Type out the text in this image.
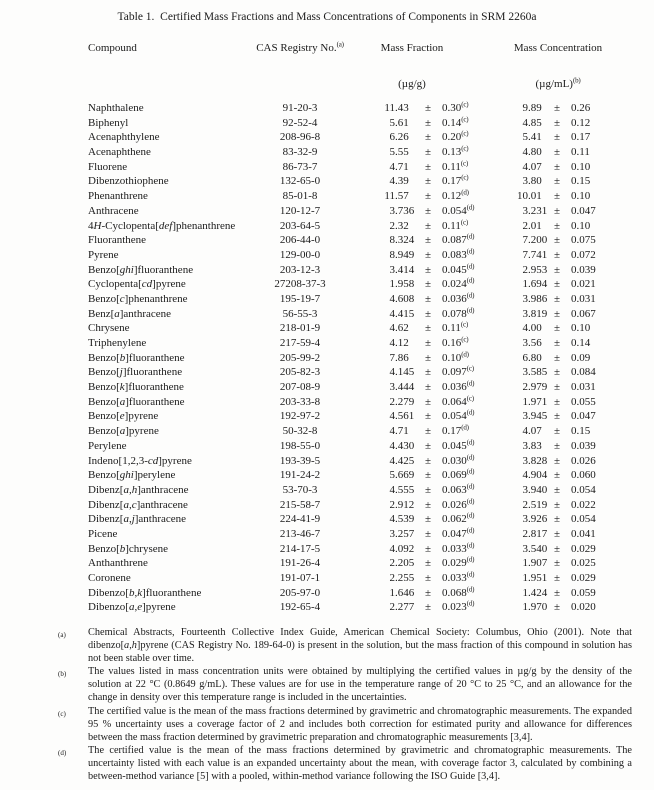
Table 1.  Certified Mass Fractions and Mass Concentrations of Components in SRM 2260a
Compound	CAS Registry No.$^{(a)}$	Mass Fraction	Mass Concentration
(µg/g)	$(\mu g/mL)^{(b)}$
Naphthalene	91-20-3	11.43	± $0.30^{(c)}$	9.89	± 0.26
Biphenyl	92-52-4	5.61	± $0.14^{(c)}$	4.85	± 0.12
Acenaphthylene	208-96-8	6.26	± $0.20^{(c)}$	5.41	± 0.17
Acenaphthene	83-32-9	5.55	± $0.13^{(c)}$	4.80	± 0.11
Fluorene	86-73-7	4.71	± $0.11^{(c)}$	4.07	± 0.10
Dibenzothiophene	132-65-0	4.39	± $0.17^{(c)}$	3.80	± 0.15
Phenanthrene	85-01-8	11.57	± $0.12^{(d)}$	10.01	± 0.10
Anthracene	120-12-7	$3.736 \pm 0.054^{(d)}$	3.231 ± 0.047
4H-Cyclopenta[def]phenanthrene	203-64-5	2.32	± $0.11^{(c)}$	2.01	± 0.10
Fluoranthene	206-44-0	$8.324 \pm 0.087^{(d)}$	7.200 ± 0.075
Pyrene	129-00-0	$8.949 \pm 0.083^{(d)}$	7.741 ± 0.072
Benzo[ghi]fluoranthene	203-12-3	$3.414 \pm 0.045^{(d)}$	2.953 ± 0.039
Cyclopenta[cd]pyrene	27208-37-3	$1.958 \pm 0.024^{(d)}$	1.694 ± 0.021
Benzo[c]phenanthrene	195-19-7	$4.608 \pm 0.036^{(d)}$	3.986 ± 0.031
Benz[a]anthracene	56-55-3	$4.415 \pm 0.078^{(d)}$	3.819 ± 0.067
Chrysene	218-01-9	4.62	± $0.11^{(c)}$	4.00	± 0.10
Triphenylene	217-59-4	4.12	± $0.16^{(c)}$	3.56	± 0.14
Benzo[b]fluoranthene	205-99-2	7.86	± $0.10^{(d)}$	6.80	± 0.09
Benzo[j]fluoranthene	205-82-3	$4.145 \pm 0.097^{(c)}$	3.585 ± 0.084
Benzo[k]fluoranthene	207-08-9	$3.444 \pm 0.036^{(d)}$	2.979 ± 0.031
Benzo[a]fluoranthene	203-33-8	$2.279 \pm 0.064^{(c)}$	1.971 ± 0.055
Benzo[e]pyrene	192-97-2	$4.561 \pm 0.054^{(d)}$	3.945 ± 0.047
Benzo[a]pyrene	50-32-8	4.71	± $0.17^{(d)}$	4.07	± 0.15
Perylene	198-55-0	$4.430 \pm 0.045^{(d)}$	3.83	± 0.039
Indeno[1,2,3-cd]pyrene	193-39-5	$4.425 \pm 0.030^{(d)}$	3.828 ± 0.026
Benzo[ghi]perylene	191-24-2	$5.669 \pm 0.069^{(d)}$	4.904 ± 0.060
Dibenz[a,h]anthracene	53-70-3	$4.555 \pm 0.063^{(d)}$	3.940 ± 0.054
Dibenz[a,c]anthracene	215-58-7	$2.912 \pm 0.026^{(d)}$	2.519 ± 0.022
Dibenz[a,j]anthracene	224-41-9	$4.539 \pm 0.062^{(d)}$	3.926 ± 0.054
Picene	213-46-7	$3.257 \pm 0.047^{(d)}$	2.817 ± 0.041
Benzo[b]chrysene	214-17-5	$4.092 \pm 0.033^{(d)}$	3.540 ± 0.029
Anthanthrene	191-26-4	$2.205 \pm 0.029^{(d)}$	1.907 ± 0.025
Coronene	191-07-1	$2.255 \pm 0.033^{(d)}$	1.951 ± 0.029
Dibenzo[b,k]fluoranthene	205-97-0	$1.646 \pm 0.068^{(d)}$	1.424 ± 0.059
Dibenzo[a,e]pyrene	192-65-4	$2.277 \pm 0.023^{(d)}$	1.970 ± 0.020
(a) Chemical Abstracts, Fourteenth Collective Index Guide, American Chemical Society: Columbus, Ohio (2001). Note that dibenzo[a,h]pyrene (CAS Registry No. 189-64-0) is present in the solution, but the mass fraction of this compound in solution has not been stable over time.
(b) The values listed in mass concentration units were obtained by multiplying the certified values in µg/g by the density of the solution at 22 °C (0.8649 g/mL). These values are for use in the temperature range of 20 °C to 25 °C, and an allowance for the change in density over this temperature range is included in the uncertainties.
(c) The certified value is the mean of the mass fractions determined by gravimetric and chromatographic measurements. The expanded 95 % uncertainty uses a coverage factor of 2 and includes both correction for estimated purity and allowance for differences between the mass fraction determined by gravimetric preparation and chromatographic measurements [3,4].
(d) The certified value is the mean of the mass fractions determined by gravimetric and chromatographic measurements. The uncertainty listed with each value is an expanded uncertainty about the mean, with coverage factor 3, calculated by combining a between-method variance [5] with a pooled, within-method variance following the ISO Guide [3,4].
